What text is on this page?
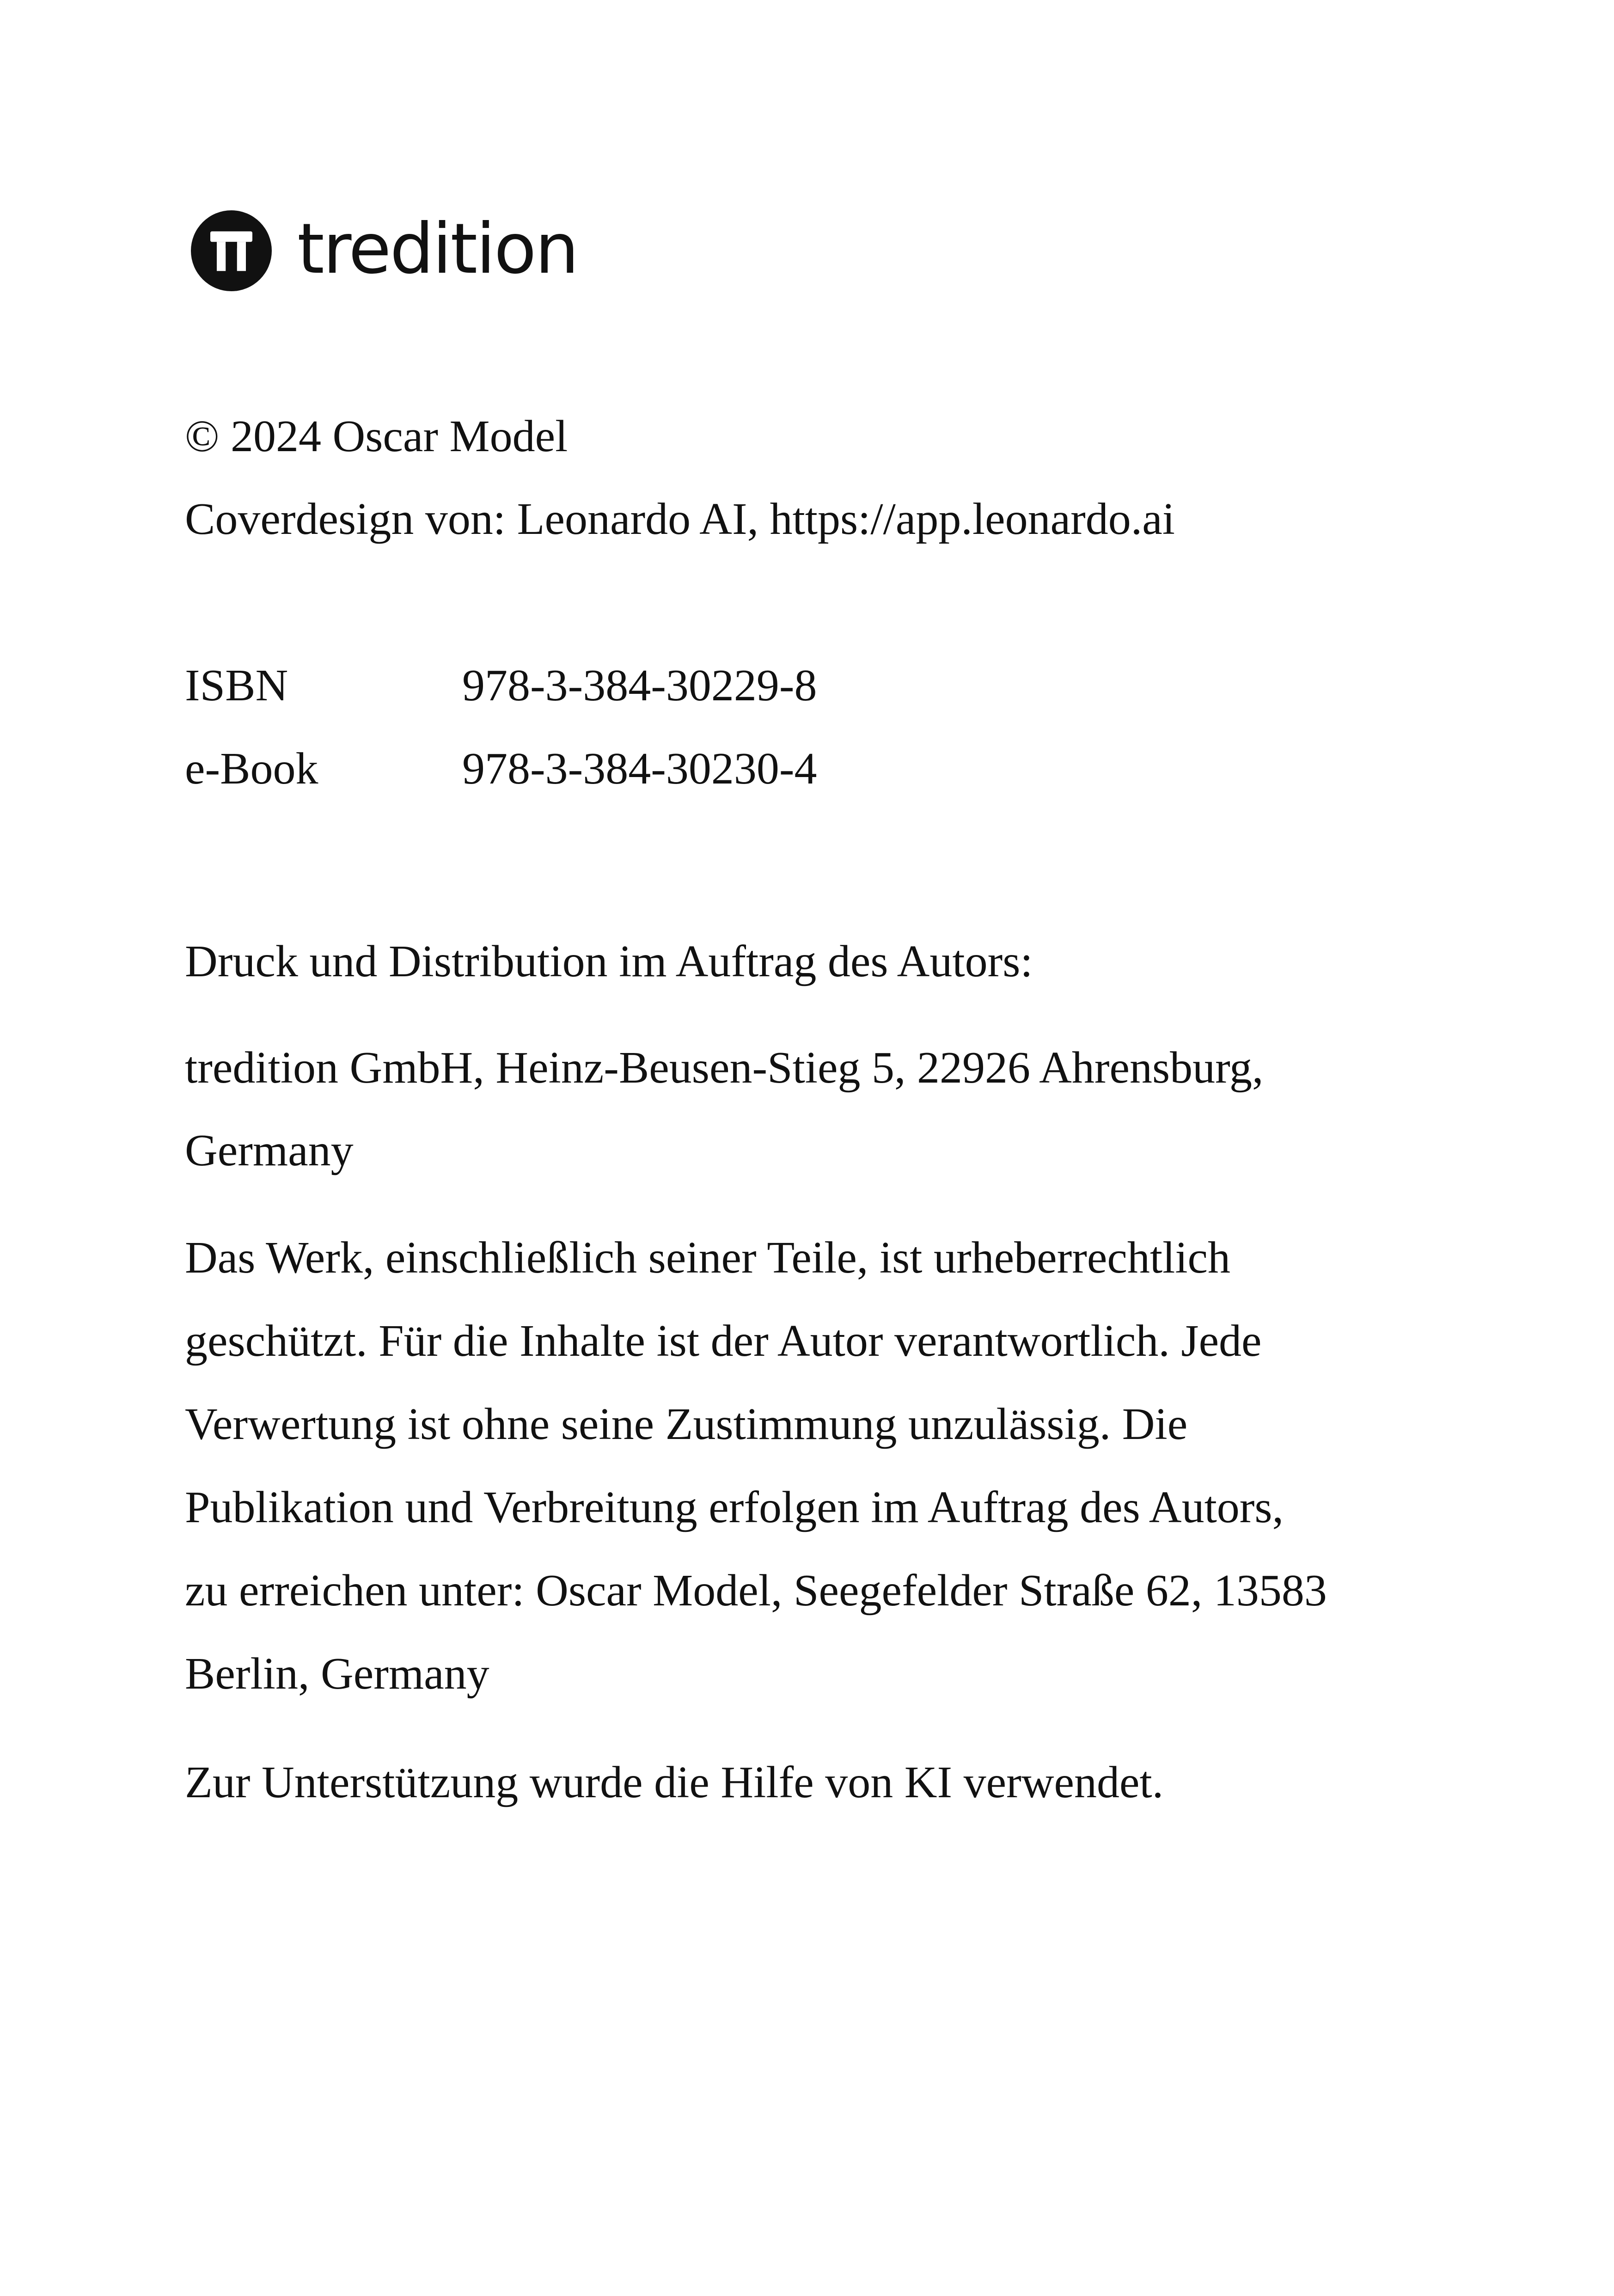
tredition
© 2024 Oscar Model
Coverdesign von: Leonardo AI, https://app.leonardo.ai
ISBN	978-3-384-30229-8
e-Book	978-3-384-30230-4
Druck und Distribution im Auftrag des Autors:
tredition GmbH, Heinz-Beusen-Stieg 5, 22926 Ahrensburg,
Germany
Das Werk, einschließlich seiner Teile, ist urheberrechtlich
geschützt. Für die Inhalte ist der Autor verantwortlich. Jede
Verwertung ist ohne seine Zustimmung unzulässig. Die
Publikation und Verbreitung erfolgen im Auftrag des Autors,
zu erreichen unter: Oscar Model, Seegefelder Straße 62, 13583
Berlin, Germany
Zur Unterstützung wurde die Hilfe von KI verwendet.
